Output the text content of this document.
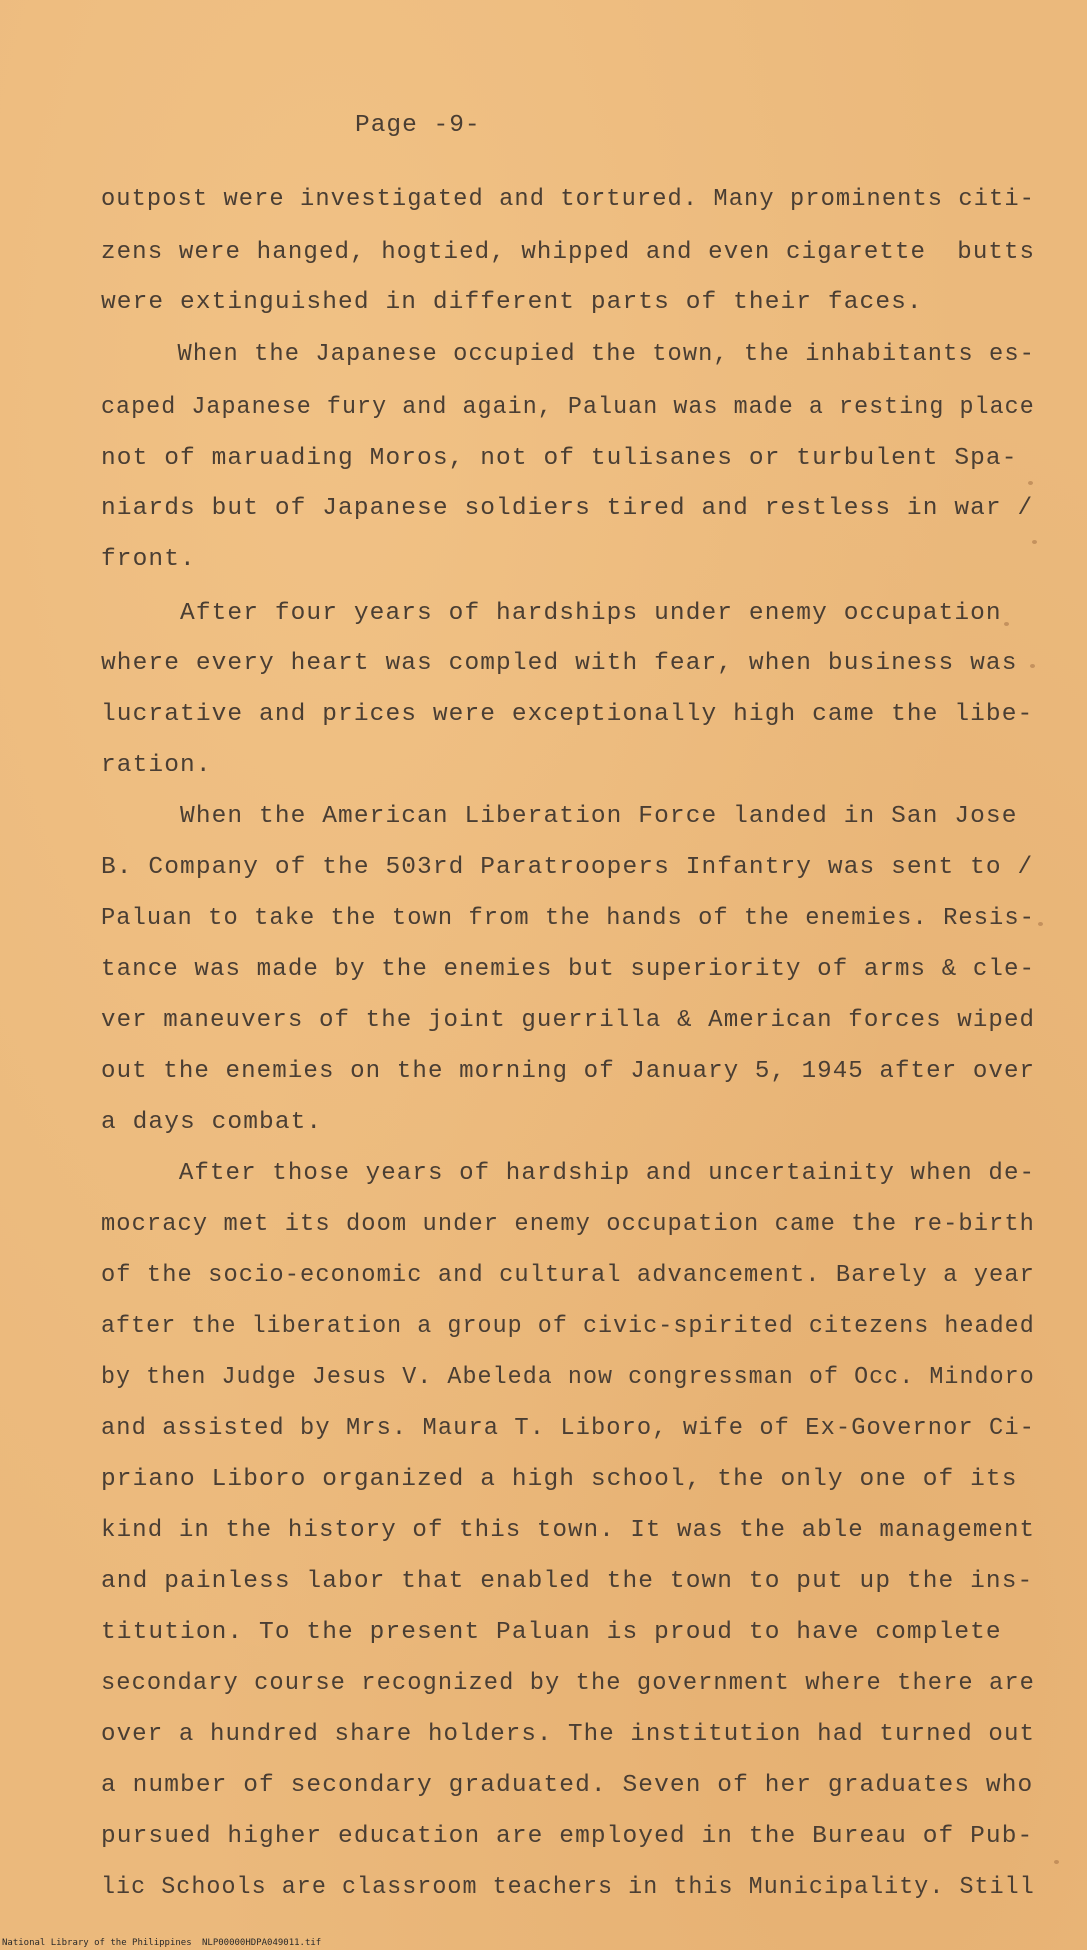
Page -9-
outpost were investigated and tortured. Many prominents citi-
zens were hanged, hogtied, whipped and even cigarette  butts
were extinguished in different parts of their faces.
When the Japanese occupied the town, the inhabitants es-
caped Japanese fury and again, Paluan was made a resting place
not of maruading Moros, not of tulisanes or turbulent Spa-
niards but of Japanese soldiers tired and restless in war /
front.
After four years of hardships under enemy occupation
where every heart was compled with fear, when business was
lucrative and prices were exceptionally high came the libe-
ration.
When the American Liberation Force landed in San Jose
B. Company of the 503rd Paratroopers Infantry was sent to /
Paluan to take the town from the hands of the enemies. Resis-
tance was made by the enemies but superiority of arms & cle-
ver maneuvers of the joint guerrilla & American forces wiped
out the enemies on the morning of January 5, 1945 after over
a days combat.
After those years of hardship and uncertainity when de-
mocracy met its doom under enemy occupation came the re-birth
of the socio-economic and cultural advancement. Barely a year
after the liberation a group of civic-spirited citezens headed
by then Judge Jesus V. Abeleda now congressman of Occ. Mindoro
and assisted by Mrs. Maura T. Liboro, wife of Ex-Governor Ci-
priano Liboro organized a high school, the only one of its
kind in the history of this town. It was the able management
and painless labor that enabled the town to put up the ins-
titution. To the present Paluan is proud to have complete
secondary course recognized by the government where there are
over a hundred share holders. The institution had turned out
a number of secondary graduated. Seven of her graduates who
pursued higher education are employed in the Bureau of Pub-
lic Schools are classroom teachers in this Municipality. Still
National Library of the Philippines NLP00000HDPA049011.tif
